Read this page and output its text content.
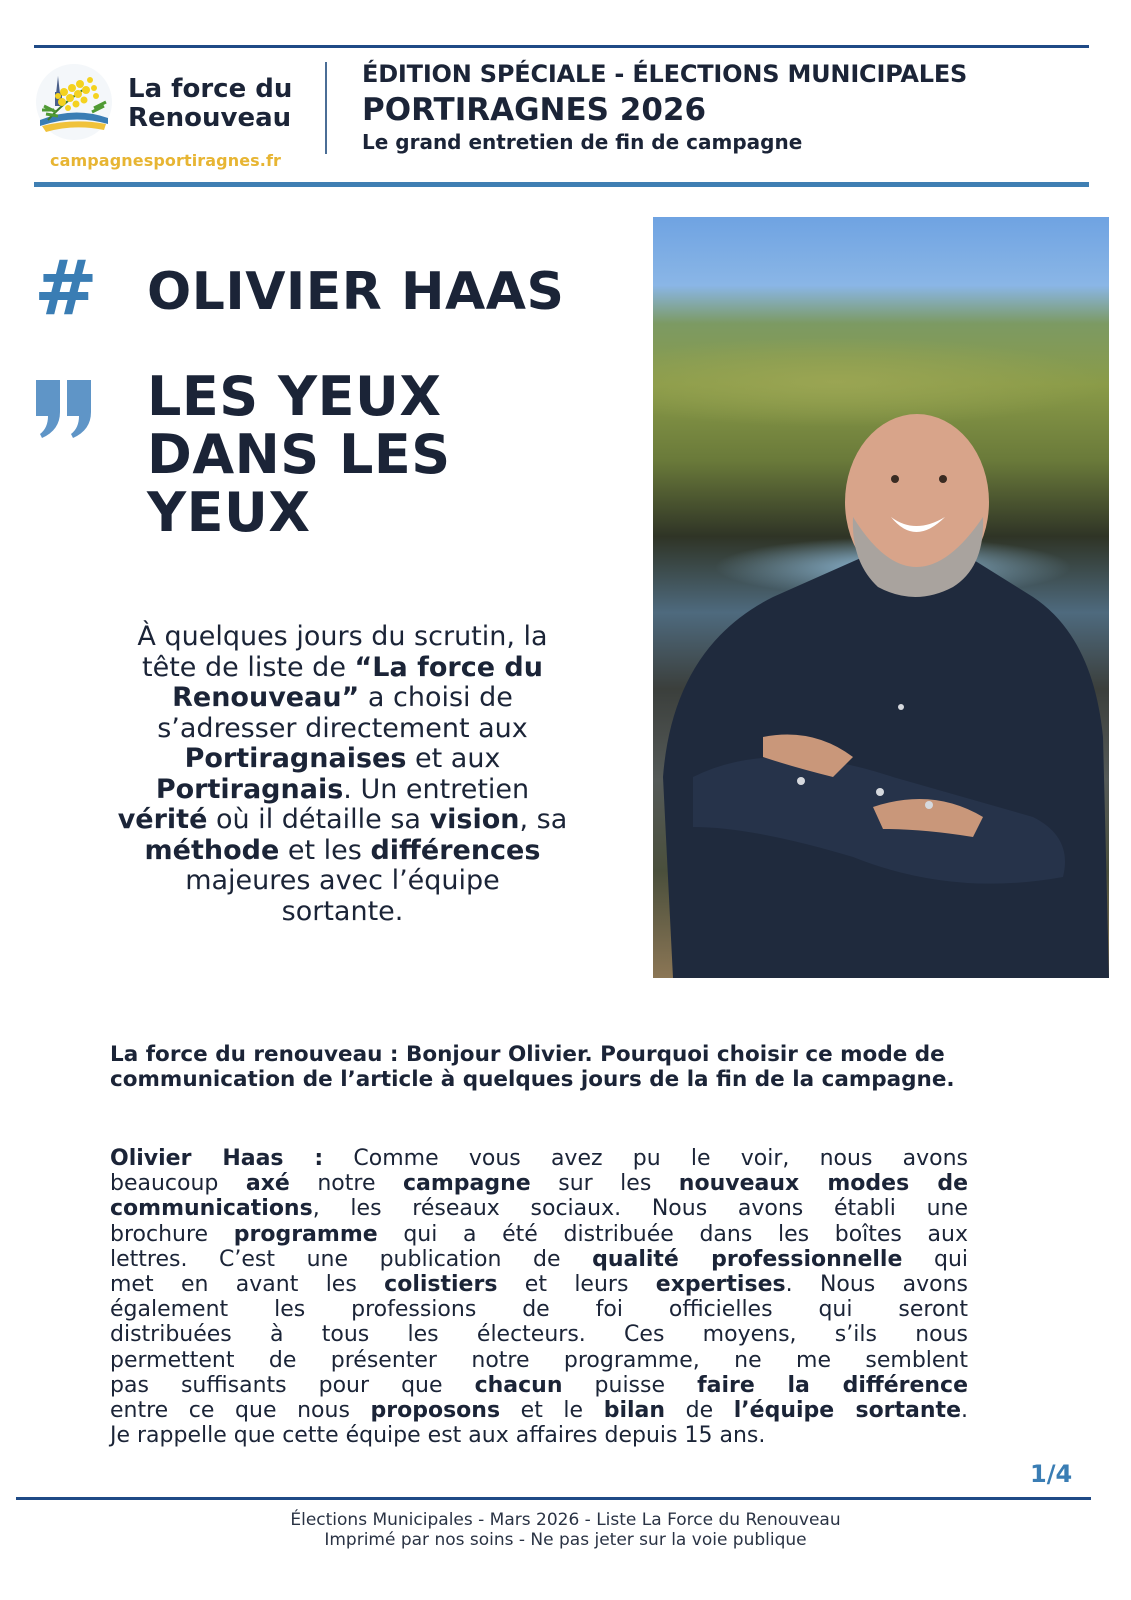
La force du
Renouveau
campagnesportiragnes.fr
ÉDITION SPÉCIALE - ÉLECTIONS MUNICIPALES
PORTIRAGNES 2026
Le grand entretien de fin de campagne
# OLIVIER HAAS
LES YEUX
DANS LES
YEUX

À quelques jours du scrutin, la
tête de liste de “La force du
Renouveau” a choisi de
s’adresser directement aux
Portiragnaises et aux
Portiragnais. Un entretien
vérité où il détaille sa vision, sa
méthode et les différences
majeures avec l’équipe
sortante.

La force du renouveau : Bonjour Olivier. Pourquoi choisir ce mode de communication de l’article à quelques jours de la fin de la campagne.

Olivier Haas : Comme vous avez pu le voir, nous avons
beaucoup axé notre campagne sur les nouveaux modes de
communications, les réseaux sociaux. Nous avons établi une
brochure programme qui a été distribuée dans les boîtes aux
lettres. C’est une publication de qualité professionnelle qui
met en avant les colistiers et leurs expertises. Nous avons
également les professions de foi officielles qui seront
distribuées à tous les électeurs. Ces moyens, s’ils nous
permettent de présenter notre programme, ne me semblent
pas suffisants pour que chacun puisse faire la différence
entre ce que nous proposons et le bilan de l’équipe sortante.
Je rappelle que cette équipe est aux affaires depuis 15 ans.
1/4
Élections Municipales - Mars 2026 - Liste La Force du Renouveau
Imprimé par nos soins - Ne pas jeter sur la voie publique
